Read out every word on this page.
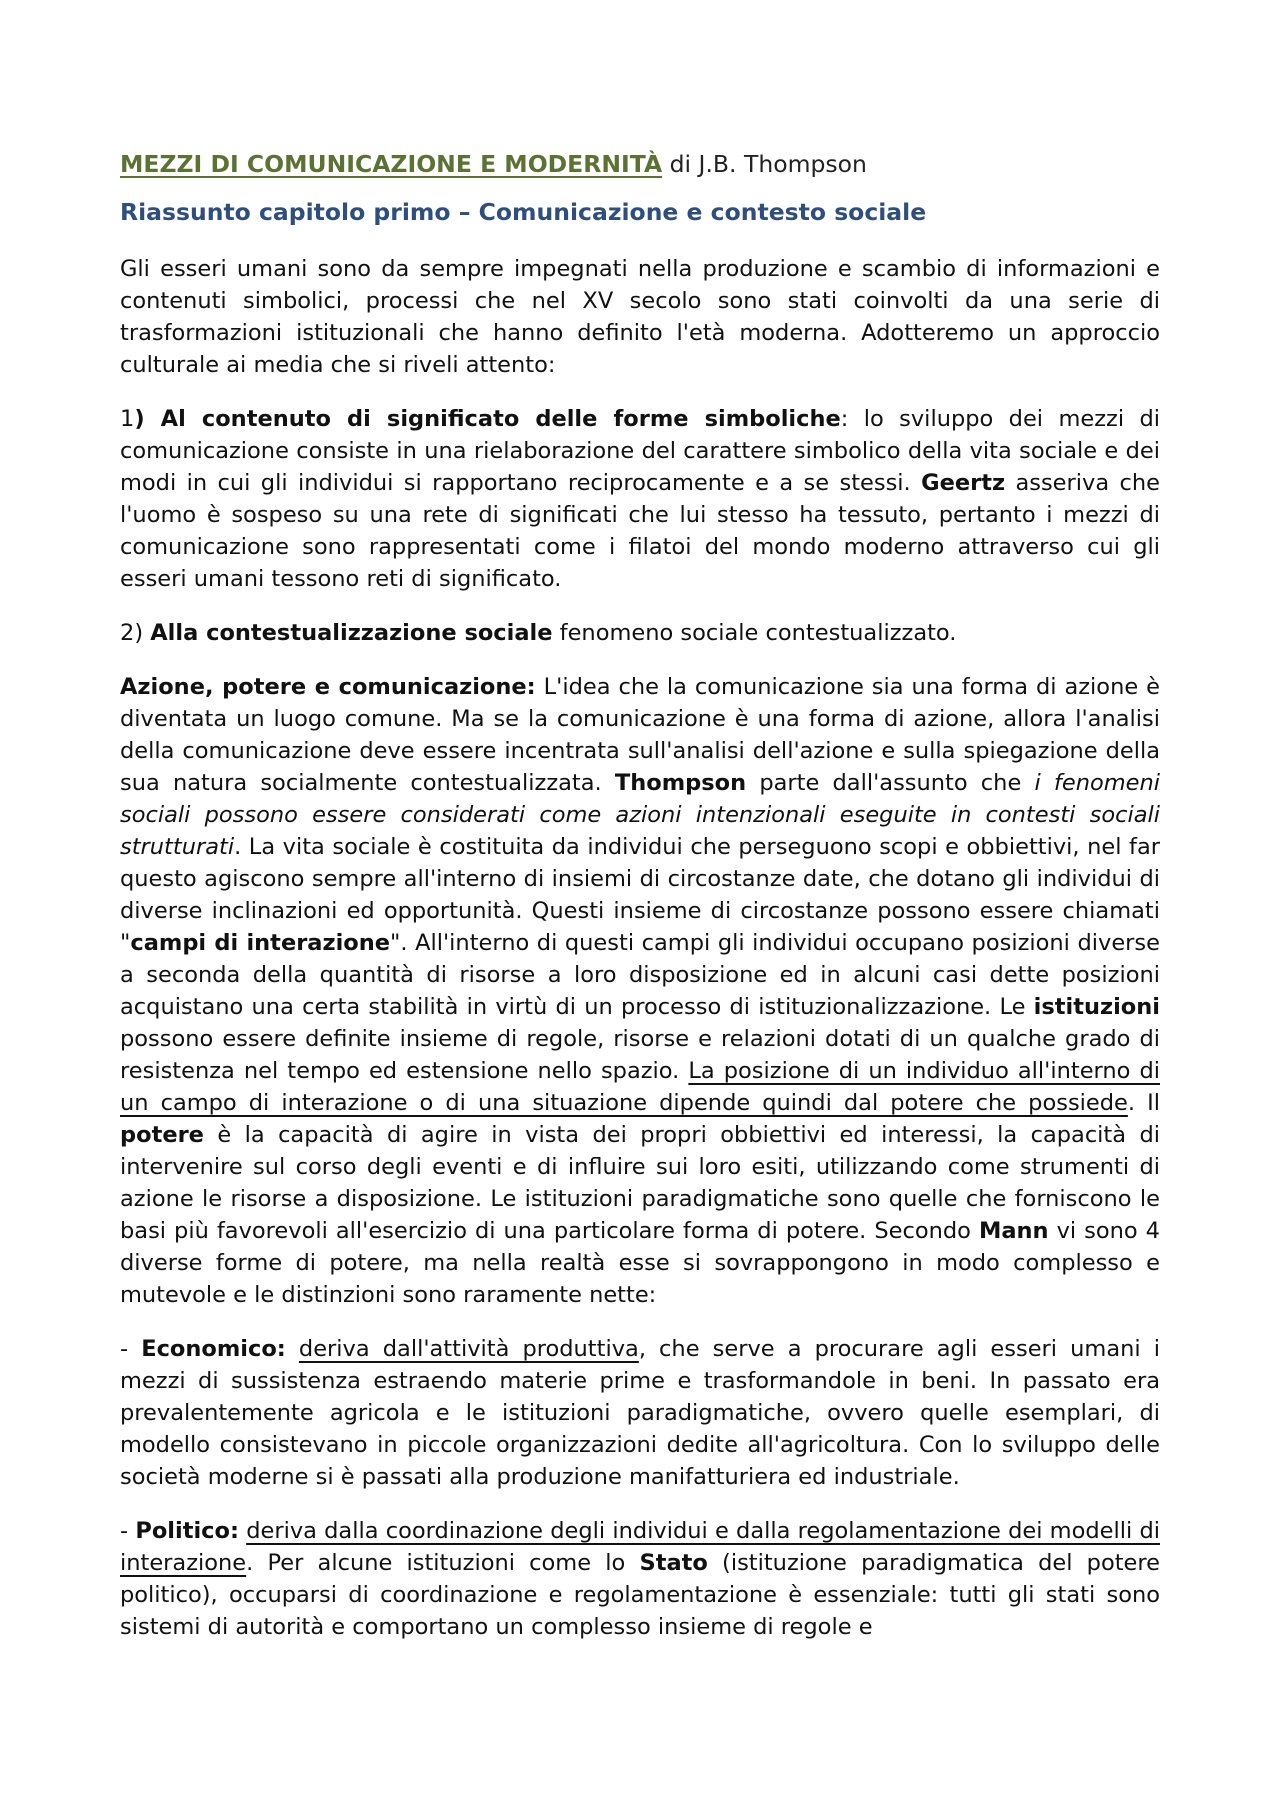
MEZZI DI COMUNICAZIONE E MODERNITÀ di J.B. Thompson
Riassunto capitolo primo – Comunicazione e contesto sociale

Gli esseri umani sono da sempre impegnati nella produzione e scambio di informazioni e contenuti simbolici, processi che nel XV secolo sono stati coinvolti da una serie di trasformazioni istituzionali che hanno definito l'età moderna. Adotteremo un approccio culturale ai media che si riveli attento:

1) Al contenuto di significato delle forme simboliche: lo sviluppo dei mezzi di comunicazione consiste in una rielaborazione del carattere simbolico della vita sociale e dei modi in cui gli individui si rapportano reciprocamente e a se stessi. Geertz asseriva che l'uomo è sospeso su una rete di significati che lui stesso ha tessuto, pertanto i mezzi di comunicazione sono rappresentati come i filatoi del mondo moderno attraverso cui gli esseri umani tessono reti di significato.

2) Alla contestualizzazione sociale fenomeno sociale contestualizzato.

Azione, potere e comunicazione: L'idea che la comunicazione sia una forma di azione è diventata un luogo comune. Ma se la comunicazione è una forma di azione, allora l'analisi della comunicazione deve essere incentrata sull'analisi dell'azione e sulla spiegazione della sua natura socialmente contestualizzata. Thompson parte dall'assunto che i fenomeni sociali possono essere considerati come azioni intenzionali eseguite in contesti sociali strutturati. La vita sociale è costituita da individui che perseguono scopi e obbiettivi, nel far questo agiscono sempre all'interno di insiemi di circostanze date, che dotano gli individui di diverse inclinazioni ed opportunità. Questi insieme di circostanze possono essere chiamati "campi di interazione". All'interno di questi campi gli individui occupano posizioni diverse a seconda della quantità di risorse a loro disposizione ed in alcuni casi dette posizioni acquistano una certa stabilità in virtù di un processo di istituzionalizzazione. Le istituzioni possono essere definite insieme di regole, risorse e relazioni dotati di un qualche grado di resistenza nel tempo ed estensione nello spazio. La posizione di un individuo all'interno di un campo di interazione o di una situazione dipende quindi dal potere che possiede. Il potere è la capacità di agire in vista dei propri obbiettivi ed interessi, la capacità di intervenire sul corso degli eventi e di influire sui loro esiti, utilizzando come strumenti di azione le risorse a disposizione. Le istituzioni paradigmatiche sono quelle che forniscono le basi più favorevoli all'esercizio di una particolare forma di potere. Secondo Mann vi sono 4 diverse forme di potere, ma nella realtà esse si sovrappongono in modo complesso e mutevole e le distinzioni sono raramente nette:

- Economico: deriva dall'attività produttiva, che serve a procurare agli esseri umani i mezzi di sussistenza estraendo materie prime e trasformandole in beni. In passato era prevalentemente agricola e le istituzioni paradigmatiche, ovvero quelle esemplari, di modello consistevano in piccole organizzazioni dedite all'agricoltura. Con lo sviluppo delle società moderne si è passati alla produzione manifatturiera ed industriale.

- Politico: deriva dalla coordinazione degli individui e dalla regolamentazione dei modelli di interazione. Per alcune istituzioni come lo Stato (istituzione paradigmatica del potere politico), occuparsi di coordinazione e regolamentazione è essenziale: tutti gli stati sono sistemi di autorità e comportano un complesso insieme di regole e
